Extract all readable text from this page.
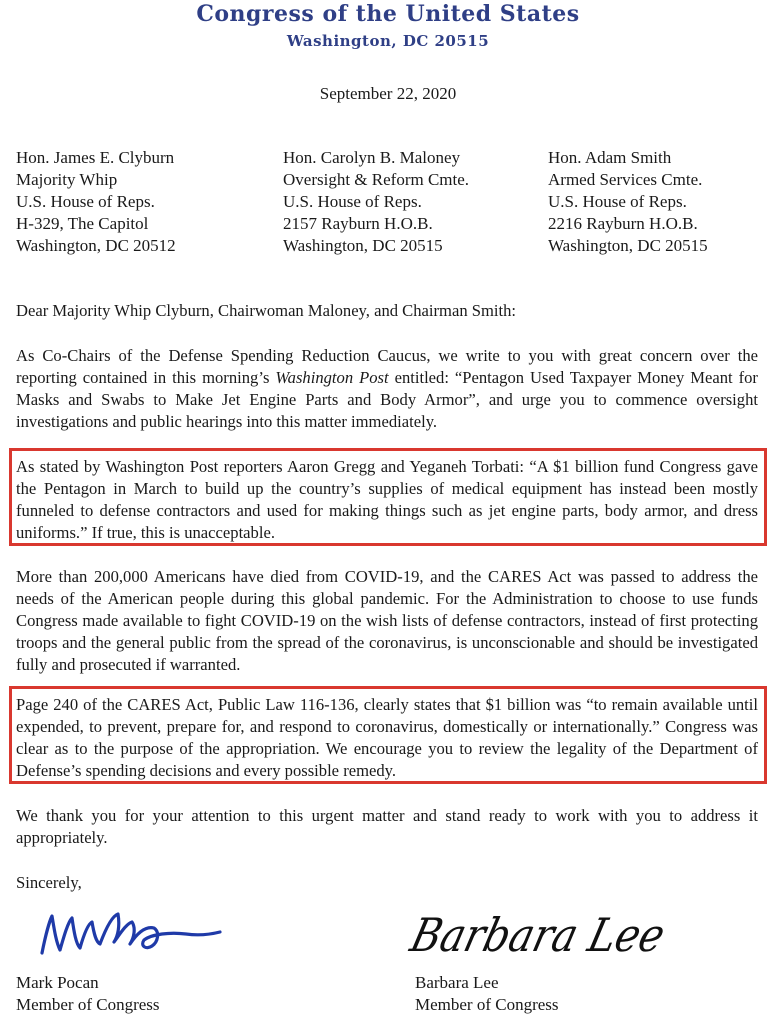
Congress of the United States
Washington, DC 20515
September 22, 2020
Hon. James E. Clyburn
Majority Whip
U.S. House of Reps.
H-329, The Capitol
Washington, DC 20512
Hon. Carolyn B. Maloney
Oversight & Reform Cmte.
U.S. House of Reps.
2157 Rayburn H.O.B.
Washington, DC 20515
Hon. Adam Smith
Armed Services Cmte.
U.S. House of Reps.
2216 Rayburn H.O.B.
Washington, DC 20515
Dear Majority Whip Clyburn, Chairwoman Maloney, and Chairman Smith:
As Co-Chairs of the Defense Spending Reduction Caucus, we write to you with great concern over the reporting contained in this morning’s Washington Post entitled: “Pentagon Used Taxpayer Money Meant for Masks and Swabs to Make Jet Engine Parts and Body Armor”, and urge you to commence oversight investigations and public hearings into this matter immediately.
As stated by Washington Post reporters Aaron Gregg and Yeganeh Torbati: “A $1 billion fund Congress gave the Pentagon in March to build up the country’s supplies of medical equipment has instead been mostly funneled to defense contractors and used for making things such as jet engine parts, body armor, and dress uniforms.” If true, this is unacceptable.
More than 200,000 Americans have died from COVID-19, and the CARES Act was passed to address the needs of the American people during this global pandemic. For the Administration to choose to use funds Congress made available to fight COVID-19 on the wish lists of defense contractors, instead of first protecting troops and the general public from the spread of the coronavirus, is unconscionable and should be investigated fully and prosecuted if warranted.
Page 240 of the CARES Act, Public Law 116-136, clearly states that $1 billion was “to remain available until expended, to prevent, prepare for, and respond to coronavirus, domestically or internationally.” Congress was clear as to the purpose of the appropriation. We encourage you to review the legality of the Department of Defense’s spending decisions and every possible remedy.
We thank you for your attention to this urgent matter and stand ready to work with you to address it appropriately.
Sincerely,
Barbara Lee
Mark Pocan
Member of Congress
Barbara Lee
Member of Congress
